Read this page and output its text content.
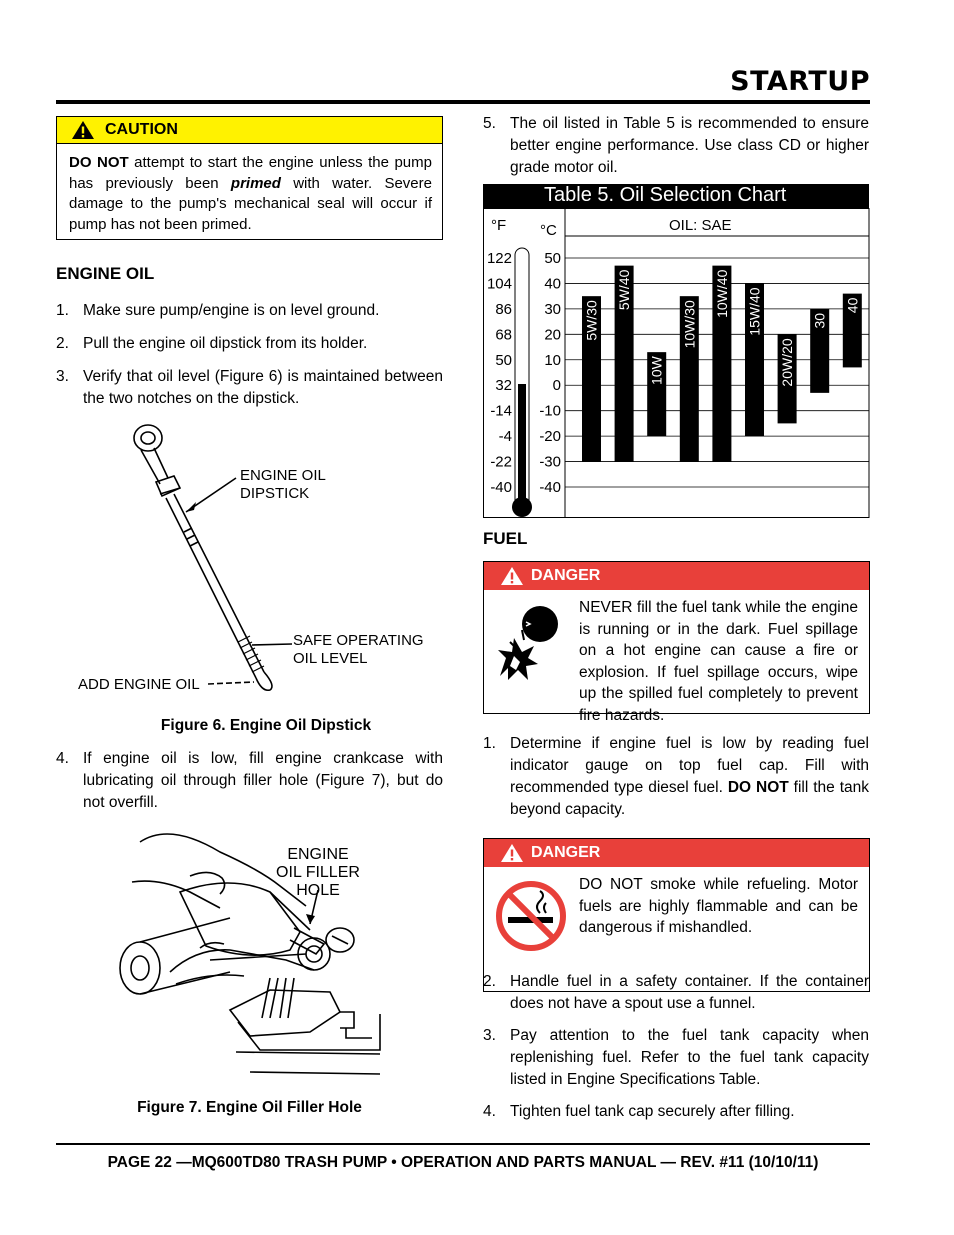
STARTUP
CAUTION
DO NOT attempt to start the engine unless the pump has previously been primed with water. Severe damage to the pump's mechanical seal will occur if pump has not been primed.
ENGINE OIL
1. Make sure pump/engine is on level ground.
2. Pull the engine oil dipstick from its holder.
3. Verify that oil level (Figure 6) is maintained between the two notches on the dipstick.
ENGINE OIL
DIPSTICK
SAFE OPERATING
OIL LEVEL
ADD ENGINE OIL
Figure 6. Engine Oil Dipstick
4. If engine oil is low, fill engine crankcase with lubricating oil through filler hole (Figure 7), but do not overfill.
ENGINE
OIL FILLER
HOLE
Figure 7. Engine Oil Filler Hole
5. The oil listed in Table 5 is recommended to ensure better engine performance. Use class CD or higher grade motor oil.
Table 5. Oil Selection Chart
°F °C	OIL: SAE
122
104
86
68
50
32
-14
-4
-22
-40
50
40
30
20
10
0
-10
-20
-30
-40
5W/30
5W/40
10W
10W/30
10W/40 15W/40
20W/20
30
40
FUEL
DANGER
NEVER fill the fuel tank while the engine is running or in the dark. Fuel spillage on a hot engine can cause a fire or explosion. If fuel spillage occurs, wipe up the spilled fuel completely to prevent fire hazards.
1. Determine if engine fuel is low by reading fuel indicator gauge on top fuel cap. Fill with recommended type diesel fuel. DO NOT fill the tank beyond capacity.
DANGER
DO NOT smoke while refueling. Motor fuels are highly flammable and can be dangerous if mishandled.
2. Handle fuel in a safety container. If the container does not have a spout use a funnel.
3. Pay attention to the fuel tank capacity when replenishing fuel. Refer to the fuel tank capacity listed in Engine Specifications Table.
4. Tighten fuel tank cap securely after filling.
PAGE 22 —MQ600TD80 TRASH PUMP • OPERATION AND PARTS MANUAL — REV. #11 (10/10/11)
